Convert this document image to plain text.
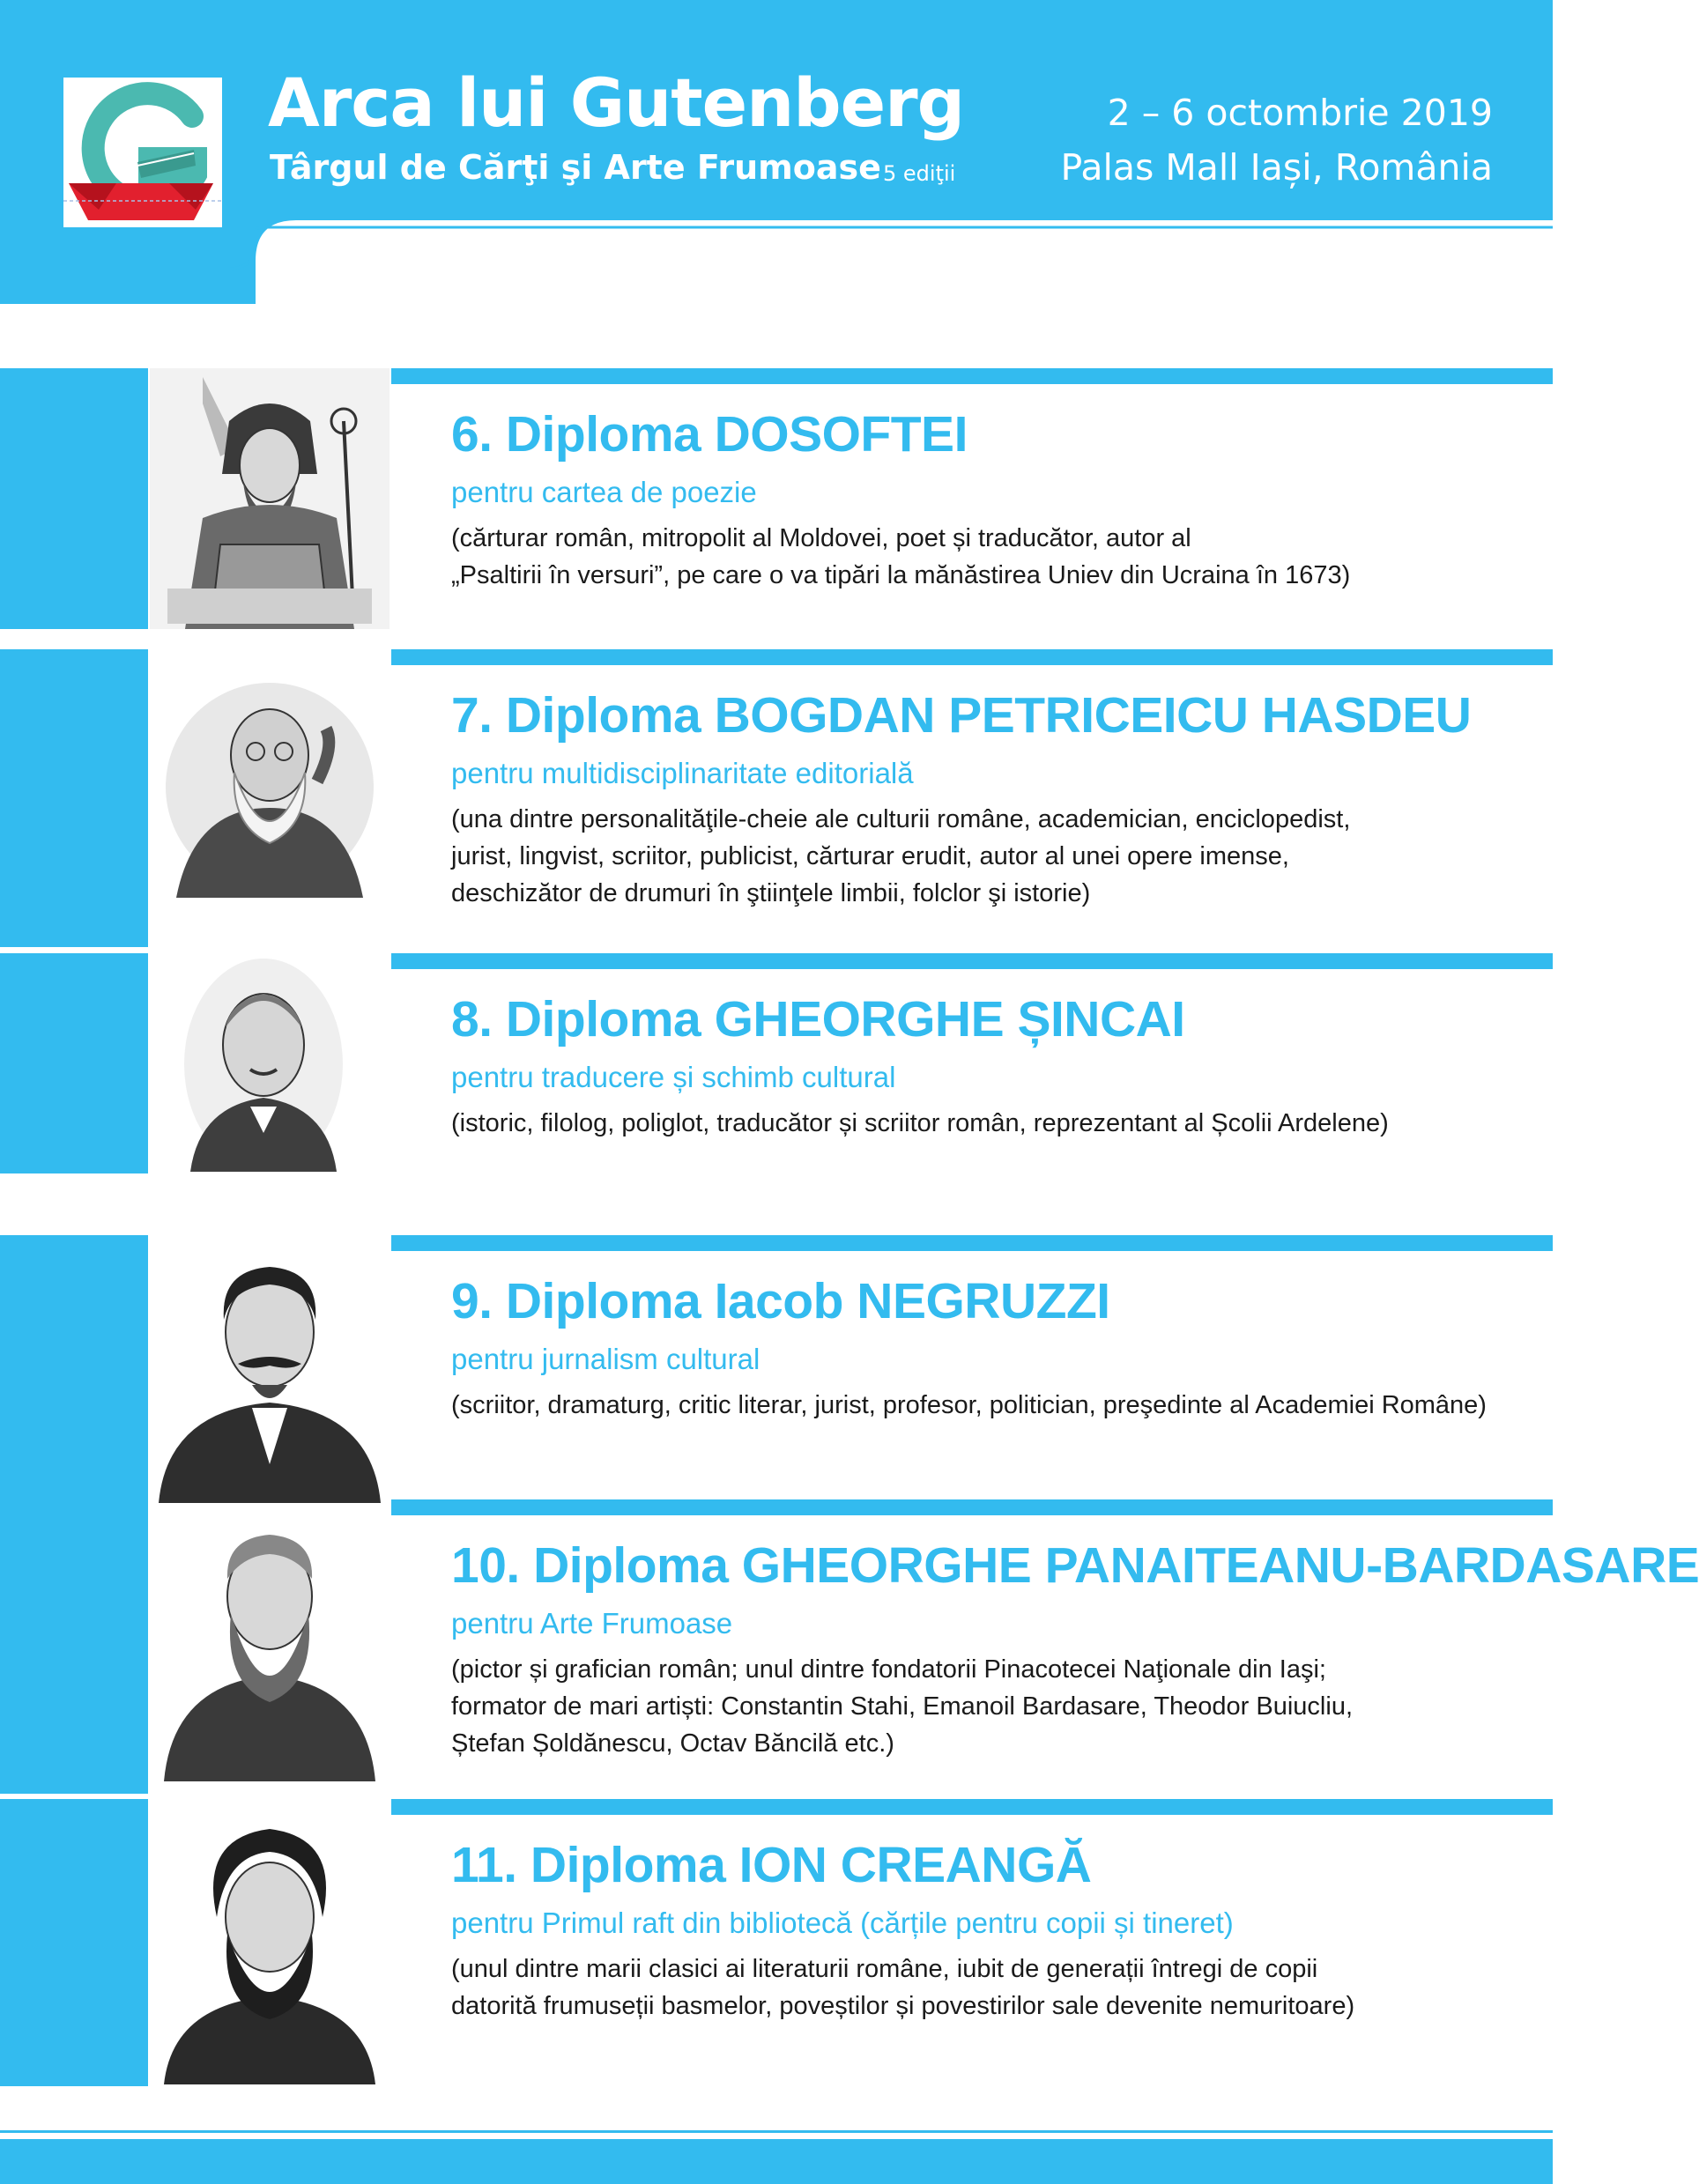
Arca lui Gutenberg
Târgul de Cărţi şi Arte Frumoase 5 ediţii
2 – 6 octombrie 2019
Palas Mall Iași, România
6. Diploma DOSOFTEI
pentru cartea de poezie
(cărturar român, mitropolit al Moldovei, poet și traducător, autor al
„Psaltirii în versuri”, pe care o va tipări la mănăstirea Uniev din Ucraina în 1673)
7. Diploma BOGDAN PETRICEICU HASDEU
pentru multidisciplinaritate editorială
(una dintre personalităţile-cheie ale culturii române, academician, enciclopedist,
jurist, lingvist, scriitor, publicist, cărturar erudit, autor al unei opere imense,
deschizător de drumuri în ştiinţele limbii, folclor şi istorie)
8. Diploma GHEORGHE ȘINCAI
pentru traducere și schimb cultural
(istoric, filolog, poliglot, traducător și scriitor român, reprezentant al Școlii Ardelene)
9. Diploma Iacob NEGRUZZI
pentru jurnalism cultural
(scriitor, dramaturg, critic literar, jurist, profesor, politician, preşedinte al Academiei Române)
10. Diploma GHEORGHE PANAITEANU-BARDASARE
pentru Arte Frumoase
(pictor și grafician român; unul dintre fondatorii Pinacotecei Naţionale din Iaşi;
formator de mari artiști: Constantin Stahi, Emanoil Bardasare, Theodor Buiucliu,
Ștefan Șoldănescu, Octav Băncilă etc.)
11. Diploma ION CREANGĂ
pentru Primul raft din bibliotecă (cărțile pentru copii și tineret)
(unul dintre marii clasici ai literaturii române, iubit de generații întregi de copii
datorită frumuseții basmelor, poveștilor și povestirilor sale devenite nemuritoare)
